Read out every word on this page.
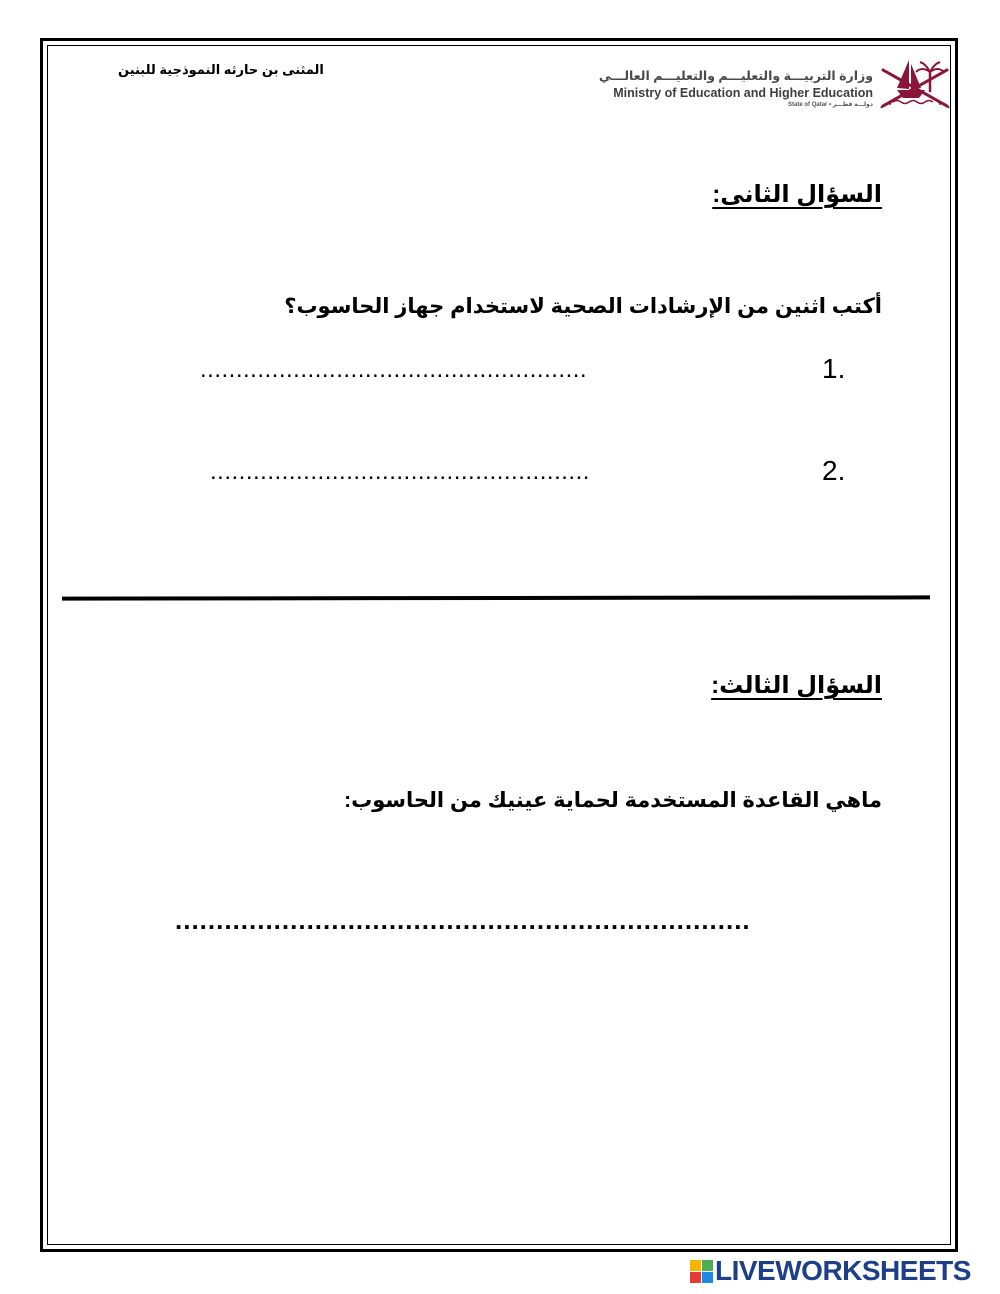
المثنى بن حارثه النموذجية للبنين	وزارة التربيـــة والتعليـــم والتعليـــم العالـــي
Ministry of Education and Higher Education
State of Qatar • دولـــة قطـــر
السؤال الثانى:
أكتب اثنين من الإرشادات الصحية لاستخدام جهاز الحاسوب؟
1.
......................................................
2.
.....................................................
السؤال الثالث:
ماهي القاعدة المستخدمة لحماية عينيك من الحاسوب:
......................................................................
LIVEWORKSHEETS
